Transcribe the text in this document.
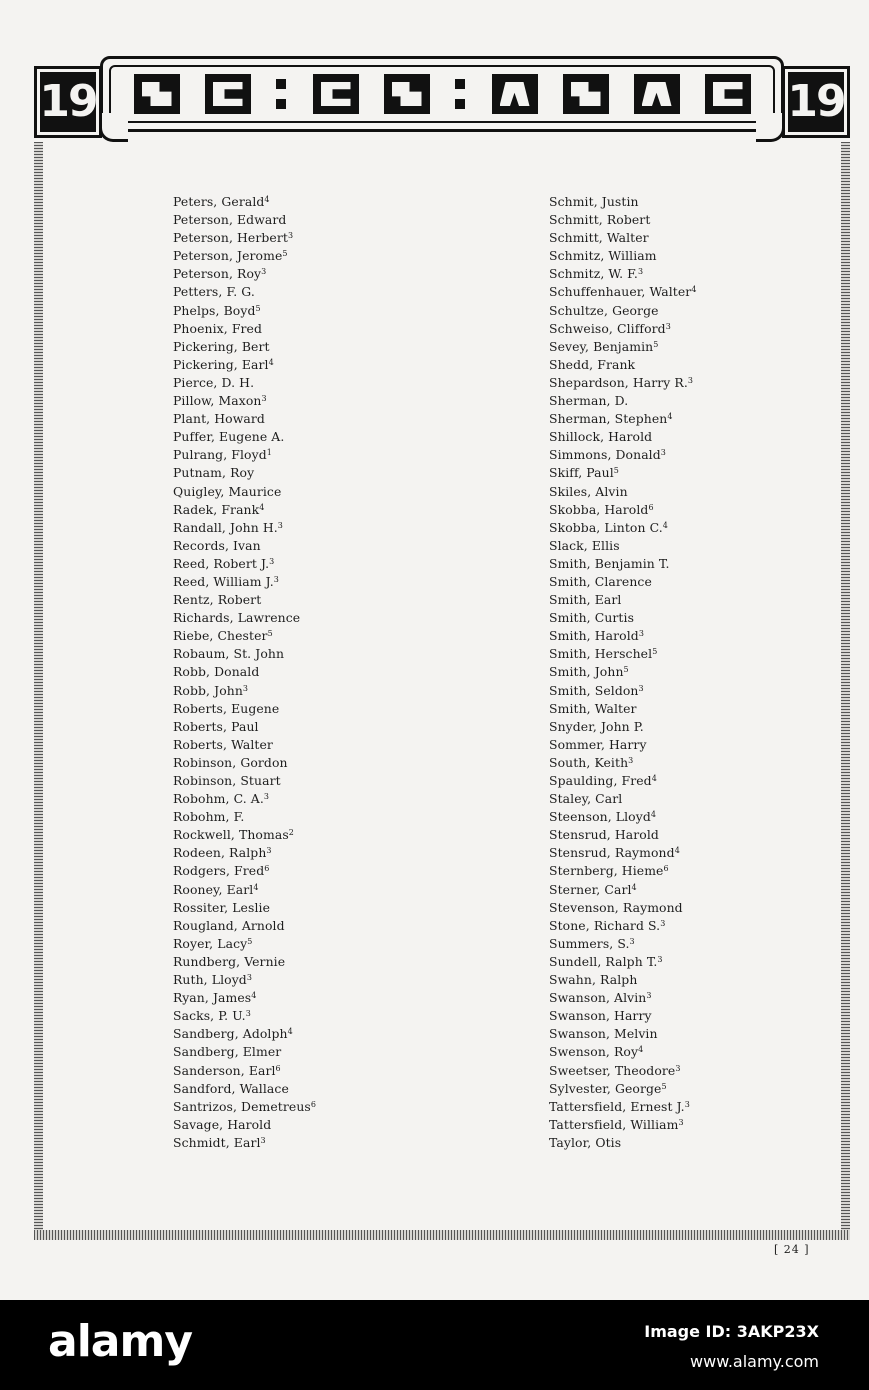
19	19
Peters, Gerald$^4$
Peterson, Edward
Peterson, Herbert$^3$
Peterson, Jerome$^5$
Peterson, Roy$^3$
Petters, F. G.
Phelps, Boyd$^5$
Phoenix, Fred
Pickering, Bert
Pickering, Earl$^4$
Pierce, D. H.
Pillow, Maxon$^3$
Plant, Howard
Puffer, Eugene A.
Pulrang, Floyd$^1$
Putnam, Roy
Quigley, Maurice
Radek, Frank$^4$
Randall, John H.$^3$
Records, Ivan
Reed, Robert J.$^3$
Reed, William J.$^3$
Rentz, Robert
Richards, Lawrence
Riebe, Chester$^5$
Robaum, St. John
Robb, Donald
Robb, John$^3$
Roberts, Eugene
Roberts, Paul
Roberts, Walter
Robinson, Gordon
Robinson, Stuart
Robohm, C. A.$^3$
Robohm, F.
Rockwell, Thomas$^2$
Rodeen, Ralph$^3$
Rodgers, Fred$^6$
Rooney, Earl$^4$
Rossiter, Leslie
Rougland, Arnold
Royer, Lacy$^5$
Rundberg, Vernie
Ruth, Lloyd$^3$
Ryan, James$^4$
Sacks, P. U.$^3$
Sandberg, Adolph$^4$
Sandberg, Elmer
Sanderson, Earl$^6$
Sandford, Wallace
Santrizos, Demetreus$^6$
Savage, Harold
Schmidt, Earl$^3$
Schmit, Justin
Schmitt, Robert
Schmitt, Walter
Schmitz, William
Schmitz, W. F.$^3$
Schuffenhauer, Walter$^4$
Schultze, George
Schweiso, Clifford$^3$
Sevey, Benjamin$^5$
Shedd, Frank
Shepardson, Harry R.$^3$
Sherman, D.
Sherman, Stephen$^4$
Shillock, Harold
Simmons, Donald$^3$
Skiff, Paul$^5$
Skiles, Alvin
Skobba, Harold$^6$
Skobba, Linton C.$^4$
Slack, Ellis
Smith, Benjamin T.
Smith, Clarence
Smith, Earl
Smith, Curtis
Smith, Harold$^3$
Smith, Herschel$^5$
Smith, John$^5$
Smith, Seldon$^3$
Smith, Walter
Snyder, John P.
Sommer, Harry
South, Keith$^3$
Spaulding, Fred$^4$
Staley, Carl
Steenson, Lloyd$^4$
Stensrud, Harold
Stensrud, Raymond$^4$
Sternberg, Hieme$^6$
Sterner, Carl$^4$
Stevenson, Raymond
Stone, Richard S.$^3$
Summers, S.$^3$
Sundell, Ralph T.$^3$
Swahn, Ralph
Swanson, Alvin$^3$
Swanson, Harry
Swanson, Melvin
Swenson, Roy$^4$
Sweetser, Theodore$^3$
Sylvester, George$^5$
Tattersfield, Ernest J.$^3$
Tattersfield, William$^3$
Taylor, Otis
[ 24 ]
alamy	Image ID: 3AKP23X
www.alamy.com
